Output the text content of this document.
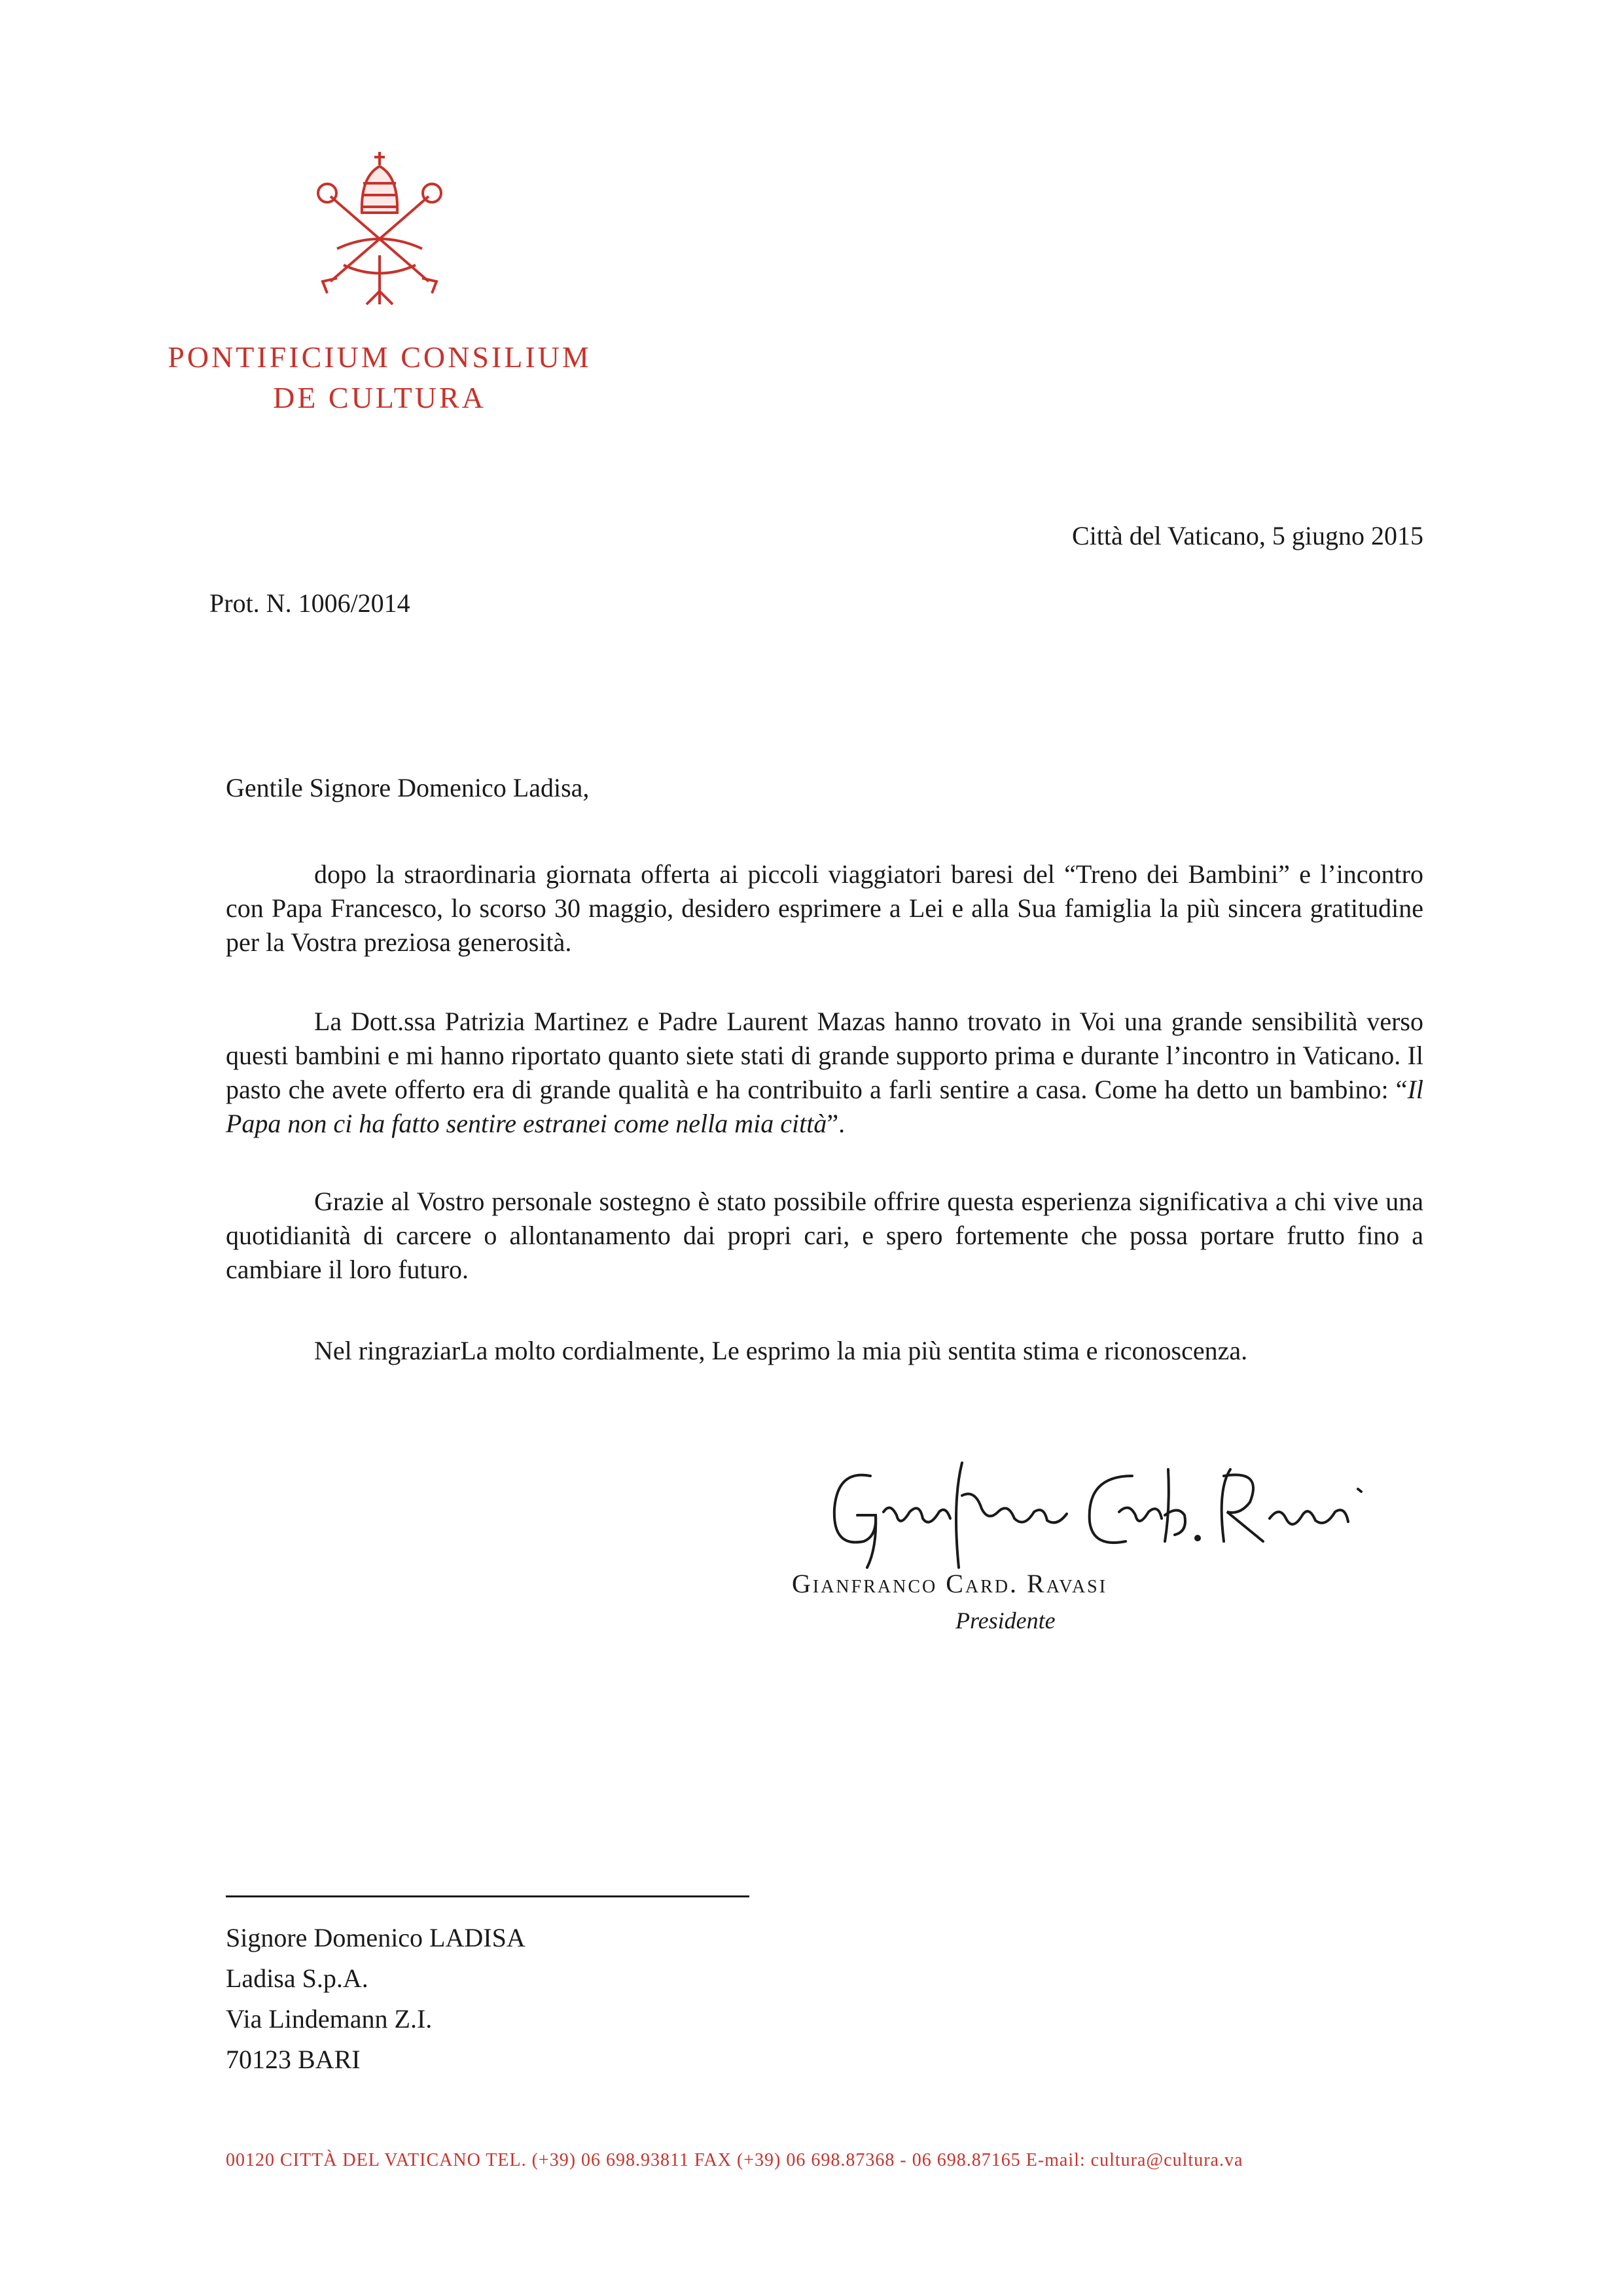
PONTIFICIUM CONSILIUM
DE CULTURA
Città del Vaticano, 5 giugno 2015
Prot. N. 1006/2014
Gentile Signore Domenico Ladisa,

dopo la straordinaria giornata offerta ai piccoli viaggiatori baresi del “Treno dei Bambini” e l’incontro con Papa Francesco, lo scorso 30 maggio, desidero esprimere a Lei e alla Sua famiglia la più sincera gratitudine per la Vostra preziosa generosità.

La Dott.ssa Patrizia Martinez e Padre Laurent Mazas hanno trovato in Voi una grande sensibilità verso questi bambini e mi hanno riportato quanto siete stati di grande supporto prima e durante l’incontro in Vaticano. Il pasto che avete offerto era di grande qualità e ha contribuito a farli sentire a casa. Come ha detto un bambino: “Il Papa non ci ha fatto sentire estranei come nella mia città”.

Grazie al Vostro personale sostegno è stato possibile offrire questa esperienza significativa a chi vive una quotidianità di carcere o allontanamento dai propri cari, e spero fortemente che possa portare frutto fino a cambiare il loro futuro.

Nel ringraziarLa molto cordialmente, Le esprimo la mia più sentita stima e riconoscenza.

Gianfranco Card. Ravasi
Presidente
Signore Domenico LADISA
Ladisa S.p.A.
Via Lindemann Z.I.
70123 BARI
00120 CITTÀ DEL VATICANO TEL. (+39) 06 698.93811 FAX (+39) 06 698.87368 - 06 698.87165 E-mail: cultura@cultura.va
